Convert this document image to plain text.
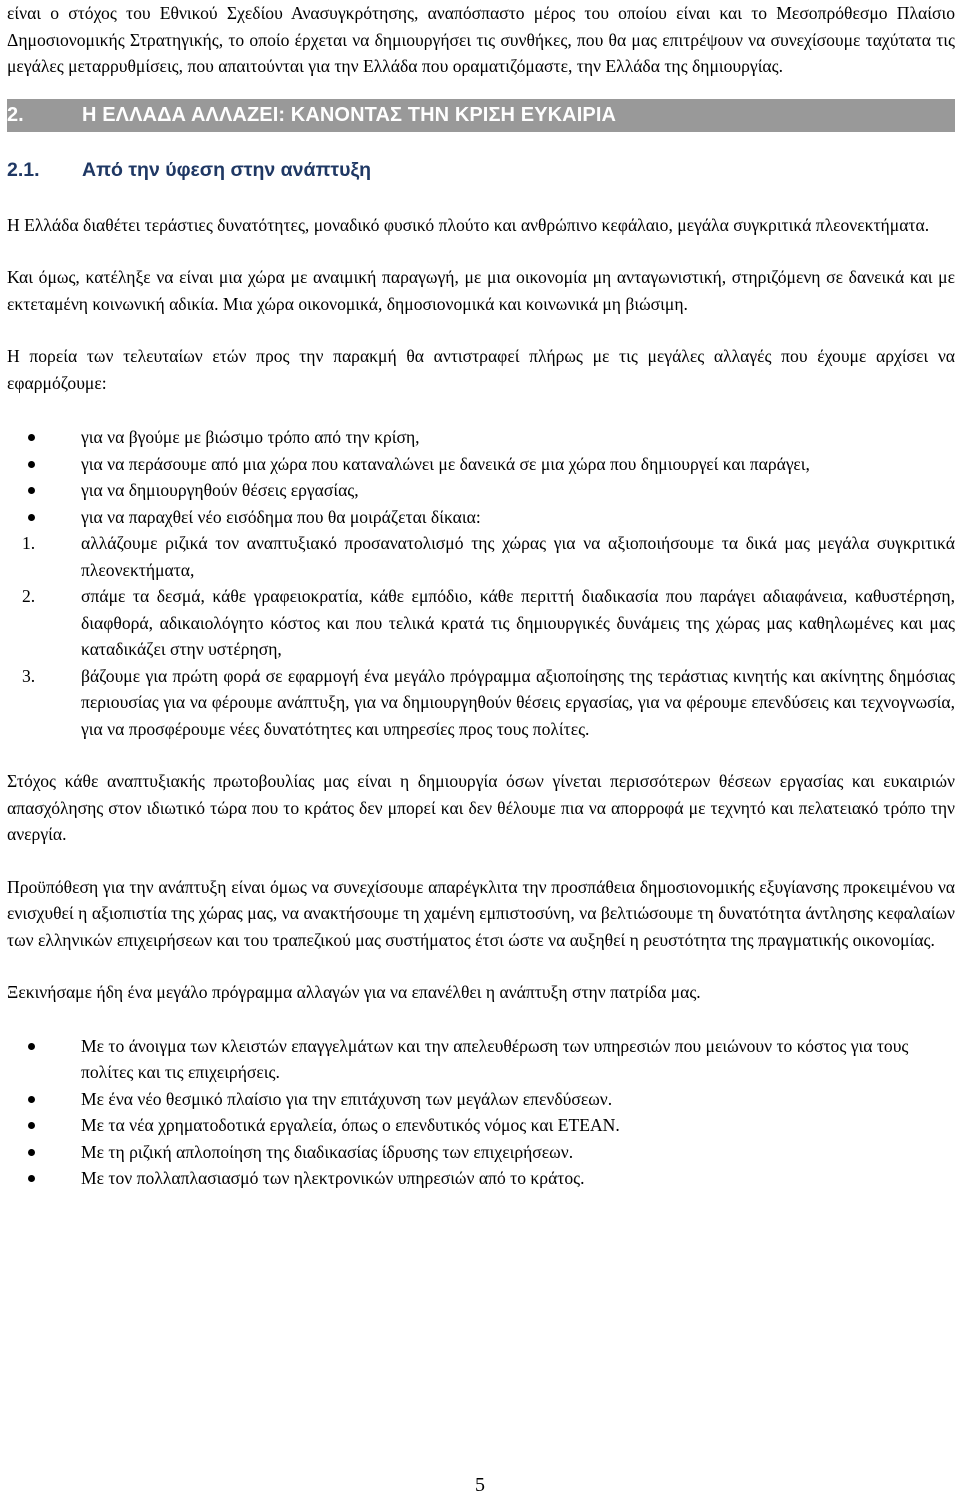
είναι ο στόχος του Εθνικού Σχεδίου Ανασυγκρότησης, αναπόσπαστο μέρος του οποίου είναι και το Μεσοπρόθεσμο Πλαίσιο Δημοσιονομικής Στρατηγικής, το οποίο έρχεται να δημιουργήσει τις συνθήκες, που θα μας επιτρέψουν να συνεχίσουμε ταχύτατα τις μεγάλες μεταρρυθμίσεις, που απαιτούνται για την Ελλάδα που οραματιζόμαστε, την Ελλάδα της δημιουργίας.

2.	Η ΕΛΛΑΔΑ ΑΛΛΑΖΕΙ: ΚΑΝΟΝΤΑΣ ΤΗΝ ΚΡΙΣΗ ΕΥΚΑΙΡΙΑ
2.1. Από την ύφεση στην ανάπτυξη

Η Ελλάδα διαθέτει τεράστιες δυνατότητες, μοναδικό φυσικό πλούτο και ανθρώπινο κεφάλαιο, μεγάλα συγκριτικά πλεονεκτήματα.

Και όμως, κατέληξε να είναι μια χώρα με αναιμική παραγωγή, με μια οικονομία μη ανταγωνιστική, στηριζόμενη σε δανεικά και με εκτεταμένη κοινωνική αδικία. Μια χώρα οικονομικά, δημοσιονομικά και κοινωνικά μη βιώσιμη.

Η πορεία των τελευταίων ετών προς την παρακμή θα αντιστραφεί πλήρως με τις μεγάλες αλλαγές που έχουμε αρχίσει να εφαρμόζουμε:

για να βγούμε με βιώσιμο τρόπο από την κρίση,
για να περάσουμε από μια χώρα που καταναλώνει με δανεικά σε μια χώρα που δημιουργεί και παράγει,
για να δημιουργηθούν θέσεις εργασίας,
για να παραχθεί νέο εισόδημα που θα μοιράζεται δίκαια:
1.	αλλάζουμε ριζικά τον αναπτυξιακό προσανατολισμό της χώρας για να αξιοποιήσουμε τα δικά μας μεγάλα συγκριτικά πλεονεκτήματα,
2.	σπάμε τα δεσμά, κάθε γραφειοκρατία, κάθε εμπόδιο, κάθε περιττή διαδικασία που παράγει αδιαφάνεια, καθυστέρηση, διαφθορά, αδικαιολόγητο κόστος και που τελικά κρατά τις δημιουργικές δυνάμεις της χώρας μας καθηλωμένες και μας καταδικάζει στην υστέρηση,
3.	βάζουμε για πρώτη φορά σε εφαρμογή ένα μεγάλο πρόγραμμα αξιοποίησης της τεράστιας κινητής και ακίνητης δημόσιας περιουσίας για να φέρουμε ανάπτυξη, για να δημιουργηθούν θέσεις εργασίας, για να φέρουμε επενδύσεις και τεχνογνωσία, για να προσφέρουμε νέες δυνατότητες και υπηρεσίες προς τους πολίτες.

Στόχος κάθε αναπτυξιακής πρωτοβουλίας μας είναι η δημιουργία όσων γίνεται περισσότερων θέσεων εργασίας και ευκαιριών απασχόλησης στον ιδιωτικό τώρα που το κράτος δεν μπορεί και δεν θέλουμε πια να απορροφά με τεχνητό και πελατειακό τρόπο την ανεργία.

Προϋπόθεση για την ανάπτυξη είναι όμως να συνεχίσουμε απαρέγκλιτα την προσπάθεια δημοσιονομικής εξυγίανσης προκειμένου να ενισχυθεί η αξιοπιστία της χώρας μας, να ανακτήσουμε τη χαμένη εμπιστοσύνη, να βελτιώσουμε τη δυνατότητα άντλησης κεφαλαίων των ελληνικών επιχειρήσεων και του τραπεζικού μας συστήματος έτσι ώστε να αυξηθεί η ρευστότητα της πραγματικής οικονομίας.

Ξεκινήσαμε ήδη ένα μεγάλο πρόγραμμα αλλαγών για να επανέλθει η ανάπτυξη στην πατρίδα μας.

Με το άνοιγμα των κλειστών επαγγελμάτων και την απελευθέρωση των υπηρεσιών που μειώνουν το κόστος για τους πολίτες και τις επιχειρήσεις.
Με ένα νέο θεσμικό πλαίσιο για την επιτάχυνση των μεγάλων επενδύσεων.
Με τα νέα χρηματοδοτικά εργαλεία, όπως ο επενδυτικός νόμος και ΕΤΕΑΝ.
Με τη ριζική απλοποίηση της διαδικασίας ίδρυσης των επιχειρήσεων.
Με τον πολλαπλασιασμό των ηλεκτρονικών υπηρεσιών από το κράτος.
5
